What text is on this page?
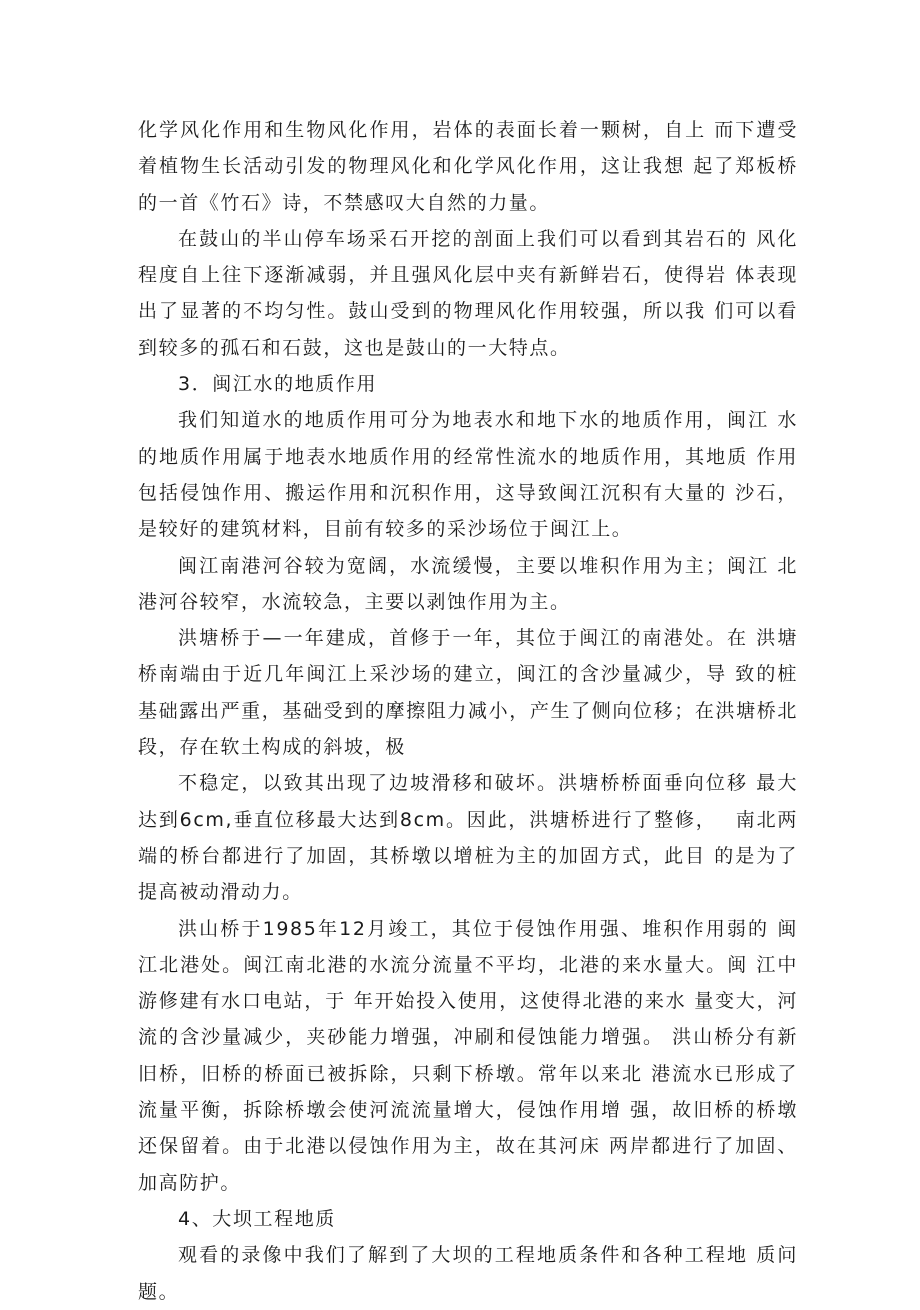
化学风化作用和生物风化作用，岩体的表面长着一颗树，自上 而下遭受着植物生长活动引发的物理风化和化学风化作用，这让我想 起了郑板桥的一首《竹石》诗，不禁感叹大自然的力量。

在鼓山的半山停车场采石开挖的剖面上我们可以看到其岩石的 风化程度自上往下逐渐减弱，并且强风化层中夹有新鲜岩石，使得岩 体表现出了显著的不均匀性。鼓山受到的物理风化作用较强，所以我 们可以看到较多的孤石和石鼓，这也是鼓山的一大特点。

3．闽江水的地质作用

我们知道水的地质作用可分为地表水和地下水的地质作用，闽江 水的地质作用属于地表水地质作用的经常性流水的地质作用，其地质 作用包括侵蚀作用、搬运作用和沉积作用，这导致闽江沉积有大量的 沙石，是较好的建筑材料，目前有较多的采沙场位于闽江上。

闽江南港河谷较为宽阔，水流缓慢，主要以堆积作用为主；闽江 北港河谷较窄，水流较急，主要以剥蚀作用为主。

洪塘桥于—一年建成，首修于一年，其位于闽江的南港处。在 洪塘桥南端由于近几年闽江上采沙场的建立，闽江的含沙量减少，导 致的桩基础露出严重，基础受到的摩擦阻力减小，产生了侧向位移；在洪塘桥北段，存在软土构成的斜坡，极

不稳定，以致其出现了边坡滑移和破坏。洪塘桥桥面垂向位移 最大达到6cm,垂直位移最大达到8cm。因此，洪塘桥进行了整修，　 南北两端的桥台都进行了加固，其桥墩以增桩为主的加固方式，此目 的是为了提高被动滑动力。

洪山桥于1985年12月竣工，其位于侵蚀作用强、堆积作用弱的 闽江北港处。闽江南北港的水流分流量不平均，北港的来水量大。闽 江中游修建有水口电站，于 年开始投入使用，这使得北港的来水 量变大，河流的含沙量减少，夹砂能力增强，冲刷和侵蚀能力增强。 洪山桥分有新旧桥，旧桥的桥面已被拆除，只剩下桥墩。常年以来北 港流水已形成了流量平衡，拆除桥墩会使河流流量增大，侵蚀作用增 强，故旧桥的桥墩还保留着。由于北港以侵蚀作用为主，故在其河床 两岸都进行了加固、加高防护。

4、大坝工程地质

观看的录像中我们了解到了大坝的工程地质条件和各种工程地 质问题。
